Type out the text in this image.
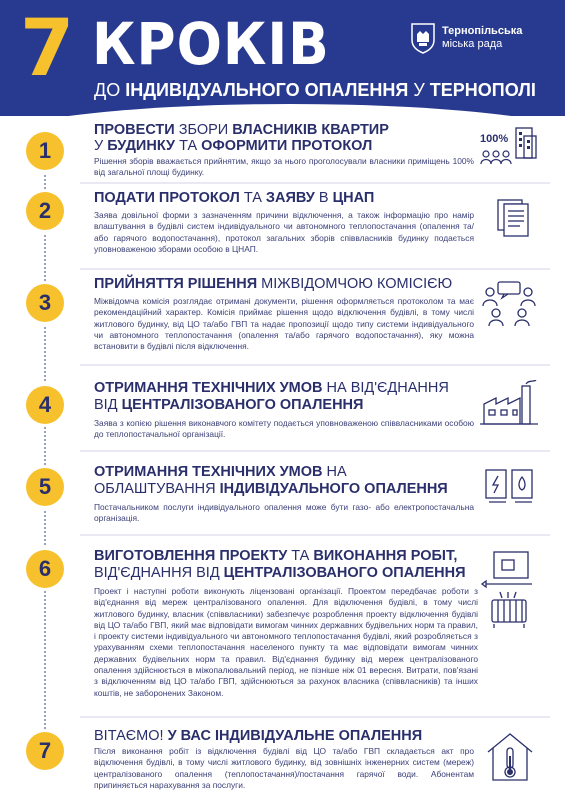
7 КРОКІВ
ДО ІНДИВІДУАЛЬНОГО ОПАЛЕННЯ У ТЕРНОПОЛІ
Тернопільська
міська рада
1
ПРОВЕСТИ ЗБОРИ ВЛАСНИКІВ КВАРТИР
У БУДИНКУ ТА ОФОРМИТИ ПРОТОКОЛ
Рішення зборів вважається прийнятим, якщо за нього проголосували власники приміщень 100% від загальної площі будинку.
100%
2	ПОДАТИ ПРОТОКОЛ ТА ЗАЯВУ В ЦНАП
Заява довільної форми з зазначенням причини відключення, а також інформацію про намір влаштування в будівлі систем індивідуального чи автономного теплопостачання (опалення та/або гарячого водопостачання), протокол загальних зборів співвласників будинку подається уповноваженою зборами особою в ЦНАП.
3
ПРИЙНЯТТЯ РІШЕННЯ МІЖВІДОМЧОЮ КОМІСІЄЮ
Міжвідомча комісія розглядає отримані документи, рішення оформляється протоколом та має рекомендаційний характер. Комісія приймає рішення щодо відключення будівлі, в тому числі житлового будинку, від ЦО та/або ГВП та надає пропозиції щодо типу системи індивідуального чи автономного теплопостачання (опалення та/або гарячого водопостачання), яку можна встановити в будівлі після відключення.
4
ОТРИМАННЯ ТЕХНІЧНИХ УМОВ НА ВІД'ЄДНАННЯ
ВІД ЦЕНТРАЛІЗОВАНОГО ОПАЛЕННЯ
Заява з копією рішення виконавчого комітету подається уповноваженою співвласниками особою до теплопостачальної організації.
5
ОТРИМАННЯ ТЕХНІЧНИХ УМОВ НА
ОБЛАШТУВАННЯ ІНДИВІДУАЛЬНОГО ОПАЛЕННЯ
Постачальником послуги індивідуального опалення може бути газо- або електропостачальна організація.
6	ВИГОТОВЛЕННЯ ПРОЕКТУ ТА ВИКОНАННЯ РОБІТ,
ВІД'ЄДНАННЯ ВІД ЦЕНТРАЛІЗОВАНОГО ОПАЛЕННЯ
Проект і наступні роботи виконують ліцензовані організації. Проектом передбачає роботи з від'єднання від мереж централізованого опалення. Для відключення будівлі, в тому числі житлового будинку, власник (співвласники) забезпечує розроблення проекту відключення будівлі від ЦО та/або ГВП, який має відповідати вимогам чинних державних будівельних норм та правил, і проекту системи індивідуального чи автономного теплопостачання будівлі, який розробляється з урахуванням схеми теплопостачання населеного пункту та має відповідати вимогам чинних державних будівельних норм та правил. Від'єднання будинку від мереж централізованого опалення здійснюється в міжопалювальний період, не пізніше ніж 01 вересня. Витрати, пов'язані з відключенням від ЦО та/або ГВП, здійснюються за рахунок власника (співвласників) та інших коштів, не заборонених Законом.
7
ВІТАЄМО! У ВАС ІНДИВІДУАЛЬНЕ ОПАЛЕННЯ
Після виконання робіт із відключення будівлі від ЦО та/або ГВП складається акт про відключення будівлі, в тому числі житлового будинку, від зовнішніх інженерних систем (мереж) централізованого опалення (теплопостачання)/постачання гарячої води. Абонентам припиняється нарахування за послуги.
